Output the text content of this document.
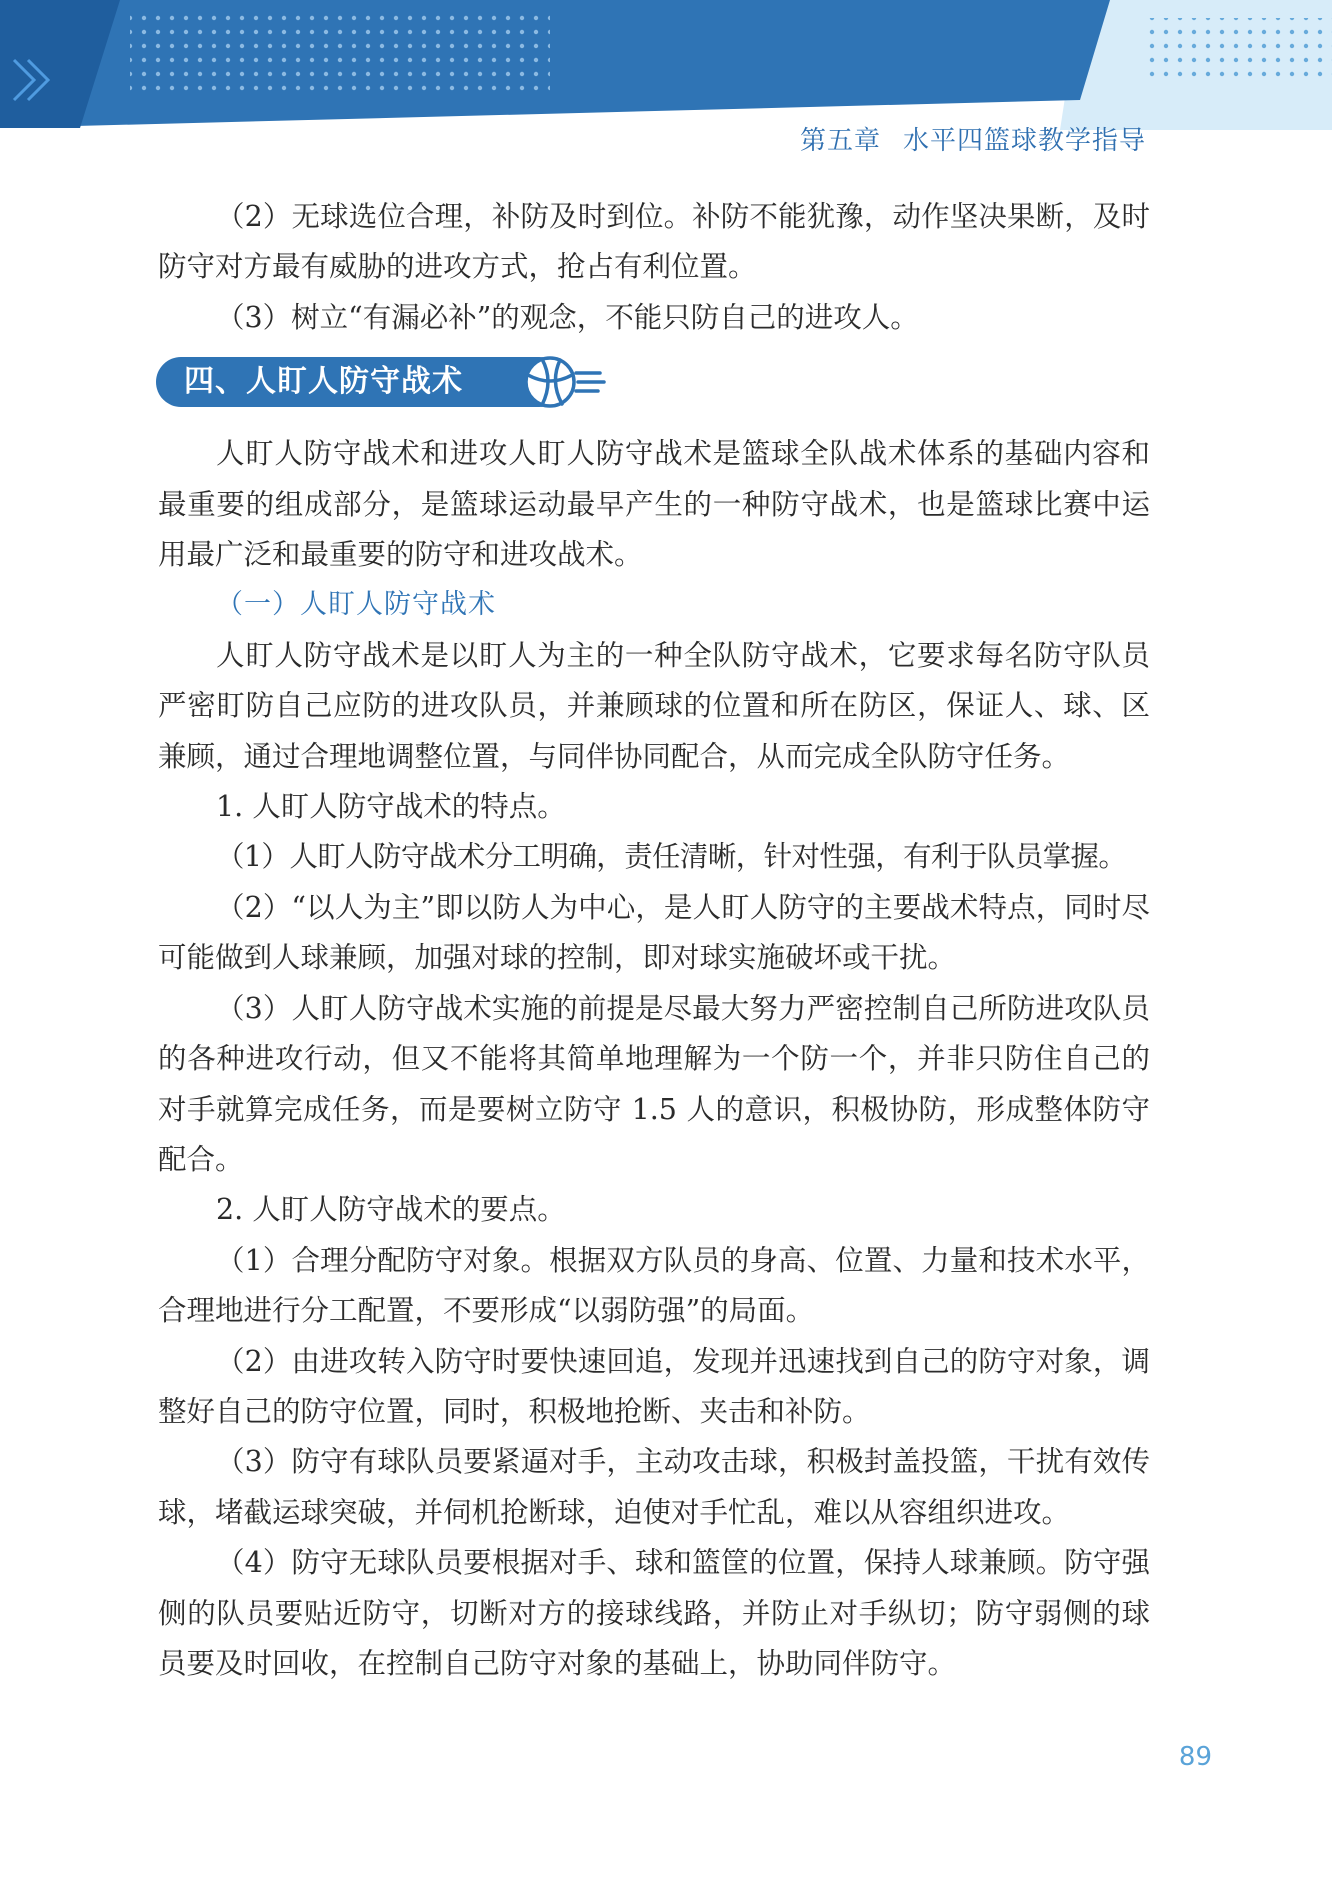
第五章 水平四篮球教学指导

（2）无球选位合理，补防及时到位。补防不能犹豫，动作坚决果断，及时防守对方最有威胁的进攻方式，抢占有利位置。

（3）树立“有漏必补”的观念，不能只防自己的进攻人。

四、人盯人防守战术

人盯人防守战术和进攻人盯人防守战术是篮球全队战术体系的基础内容和最重要的组成部分，是篮球运动最早产生的一种防守战术，也是篮球比赛中运用最广泛和最重要的防守和进攻战术。

（一）人盯人防守战术

人盯人防守战术是以盯人为主的一种全队防守战术，它要求每名防守队员严密盯防自己应防的进攻队员，并兼顾球的位置和所在防区，保证人、球、区兼顾，通过合理地调整位置，与同伴协同配合，从而完成全队防守任务。

1. 人盯人防守战术的特点。

（1）人盯人防守战术分工明确，责任清晰，针对性强，有利于队员掌握。

（2）“以人为主”即以防人为中心，是人盯人防守的主要战术特点，同时尽可能做到人球兼顾，加强对球的控制，即对球实施破坏或干扰。

（3）人盯人防守战术实施的前提是尽最大努力严密控制自己所防进攻队员的各种进攻行动，但又不能将其简单地理解为一个防一个，并非只防住自己的对手就算完成任务，而是要树立防守 1.5 人的意识，积极协防，形成整体防守配合。

2. 人盯人防守战术的要点。

（1）合理分配防守对象。根据双方队员的身高、位置、力量和技术水平，合理地进行分工配置，不要形成“以弱防强”的局面。

（2）由进攻转入防守时要快速回追，发现并迅速找到自己的防守对象，调整好自己的防守位置，同时，积极地抢断、夹击和补防。

（3）防守有球队员要紧逼对手，主动攻击球，积极封盖投篮，干扰有效传球，堵截运球突破，并伺机抢断球，迫使对手忙乱，难以从容组织进攻。

（4）防守无球队员要根据对手、球和篮筐的位置，保持人球兼顾。防守强侧的队员要贴近防守，切断对方的接球线路，并防止对手纵切；防守弱侧的球员要及时回收，在控制自己防守对象的基础上，协助同伴防守。

89
